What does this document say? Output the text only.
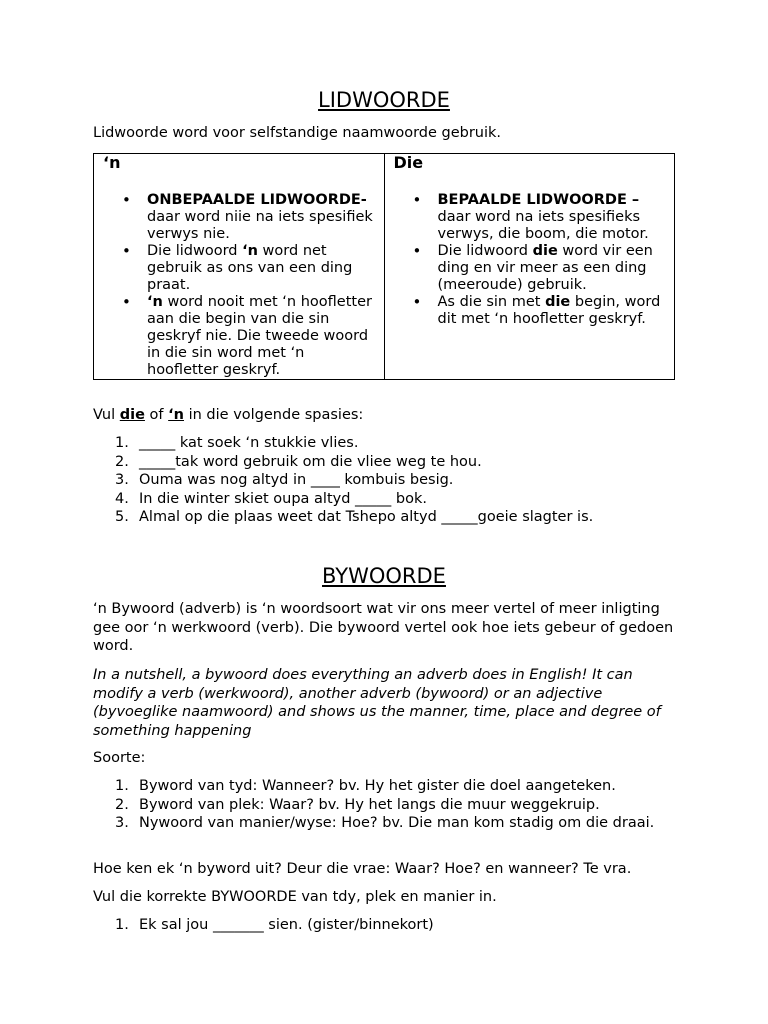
LIDWOORDE
Lidwoorde word voor selfstandige naamwoorde gebruik.
‘n
• ONBEPAALDE LIDWOORDE- daar word niie na iets spesifiek verwys nie.
• Die lidwoord ‘n word net gebruik as ons van een ding praat.
• ‘n word nooit met ‘n hoofletter aan die begin van die sin geskryf nie. Die tweede woord in die sin word met ‘n hoofletter geskryf.

Die
• BEPAALDE LIDWOORDE – daar word na iets spesifieks verwys, die boom, die motor.
• Die lidwoord die word vir een ding en vir meer as een ding (meeroude) gebruik.
• As die sin met die begin, word dit met ‘n hoofletter geskryf.
Vul die of ‘n in die volgende spasies:
1. _____ kat soek ‘n stukkie vlies.
2. _____tak word gebruik om die vliee weg te hou.
3. Ouma was nog altyd in ____ kombuis besig.
4. In die winter skiet oupa altyd _____ bok.
5. Almal op die plaas weet dat Tshepo altyd _____goeie slagter is.
BYWOORDE
‘n Bywoord (adverb) is ‘n woordsoort wat vir ons meer vertel of meer inligting gee oor ‘n werkwoord (verb). Die bywoord vertel ook hoe iets gebeur of gedoen word.
In a nutshell, a bywoord does everything an adverb does in English! It can modify a verb (werkwoord), another adverb (bywoord) or an adjective (byvoeglike naamwoord) and shows us the manner, time, place and degree of something happening
Soorte:
1. Byword van tyd: Wanneer? bv. Hy het gister die doel aangeteken.
2. Byword van plek: Waar? bv. Hy het langs die muur weggekruip.
3. Nywoord van manier/wyse: Hoe? bv. Die man kom stadig om die draai.
Hoe ken ek ‘n byword uit? Deur die vrae: Waar? Hoe? en wanneer? Te vra.
Vul die korrekte BYWOORDE van tdy, plek en manier in.
1. Ek sal jou _______ sien. (gister/binnekort)
